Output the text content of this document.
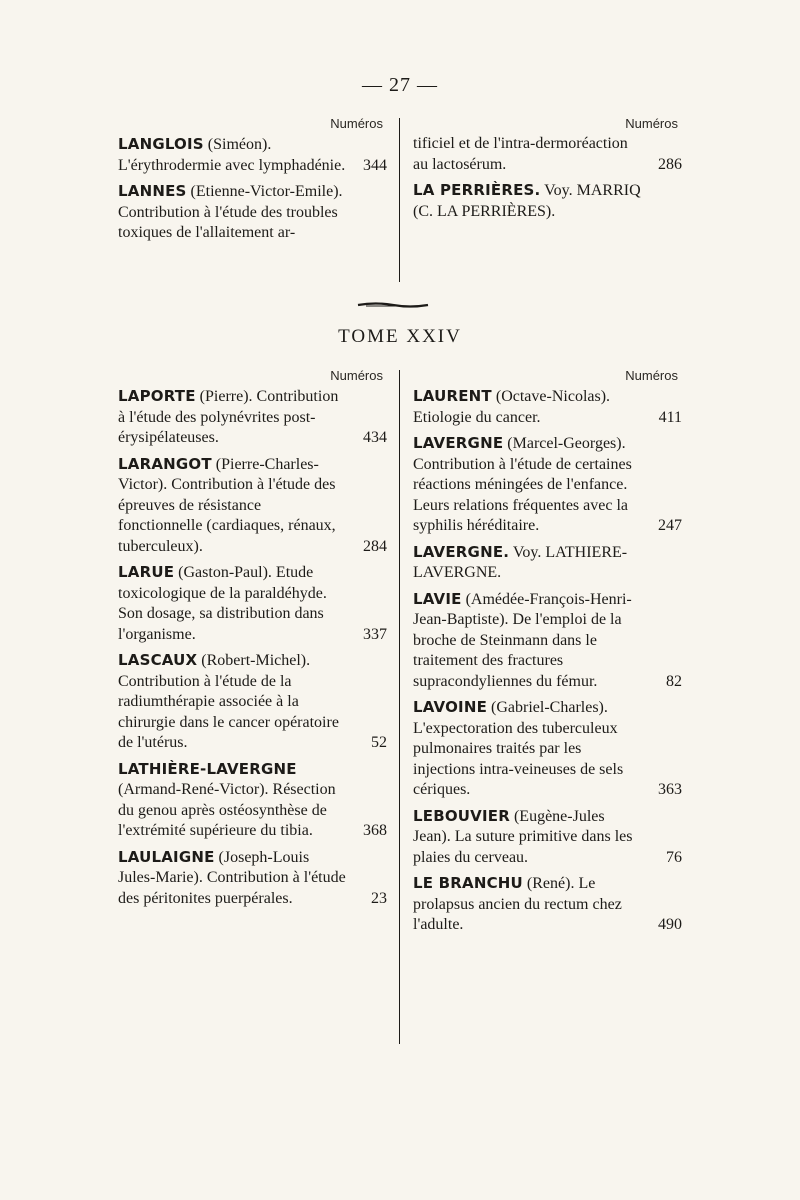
— 27 —
Numéros
LANGLOIS (Siméon). L'érythrodermie avec lymphadénie.	344
LANNES (Etienne-Victor-Emile). Contribution à l'étude des troubles toxiques de l'allaitement ar-
Numéros
tificiel et de l'intra-dermoréaction au lactosérum.	286
LA PERRIÈRES. Voy. MARRIQ (C. LA PERRIÈRES).
TOME XXIV
Numéros
LAPORTE (Pierre). Contribution à l'étude des polynévrites post-érysipélateuses.	434
LARANGOT (Pierre-Charles-Victor). Contribution à l'étude des épreuves de résistance fonctionnelle (cardiaques, rénaux, tuberculeux).	284
LARUE (Gaston-Paul). Etude toxicologique de la paraldéhyde. Son dosage, sa distribution dans l'organisme.	337
LASCAUX (Robert-Michel). Contribution à l'étude de la radiumthérapie associée à la chirurgie dans le cancer opératoire de l'utérus.	52
LATHIÈRE-LAVERGNE (Armand-René-Victor). Résection du genou après ostéosynthèse de l'extrémité supérieure du tibia.	368
LAULAIGNE (Joseph-Louis Jules-Marie). Contribution à l'étude des péritonites puerpérales.	23
Numéros
LAURENT (Octave-Nicolas). Etiologie du cancer.	411
LAVERGNE (Marcel-Georges). Contribution à l'étude de certaines réactions méningées de l'enfance. Leurs relations fréquentes avec la syphilis héréditaire.	247
LAVERGNE. Voy. LATHIERE-LAVERGNE.
LAVIE (Amédée-François-Henri-Jean-Baptiste). De l'emploi de la broche de Steinmann dans le traitement des fractures supracondyliennes du fémur.	82
LAVOINE (Gabriel-Charles). L'expectoration des tuberculeux pulmonaires traités par les injections intra-veineuses de sels cériques.	363
LEBOUVIER (Eugène-Jules Jean). La suture primitive dans les plaies du cerveau.	76
LE BRANCHU (René). Le prolapsus ancien du rectum chez l'adulte.	490
